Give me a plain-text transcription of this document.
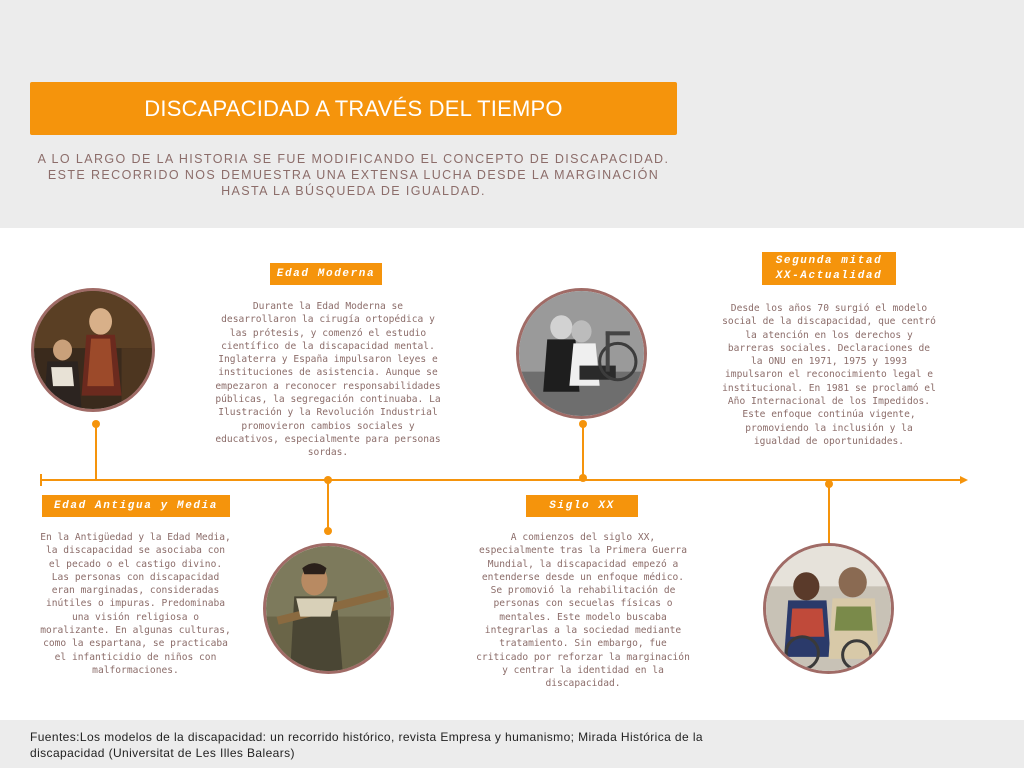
DISCAPACIDAD A TRAVÉS DEL TIEMPO
A LO LARGO DE LA HISTORIA SE FUE MODIFICANDO EL CONCEPTO DE DISCAPACIDAD. ESTE RECORRIDO NOS DEMUESTRA UNA EXTENSA LUCHA DESDE LA MARGINACIÓN HASTA LA BÚSQUEDA DE IGUALDAD.
Edad Antigua y Media
En la Antigüedad y la Edad Media, la discapacidad se asociaba con el pecado o el castigo divino. Las personas con discapacidad eran marginadas, consideradas inútiles o impuras. Predominaba una visión religiosa o moralizante. En algunas culturas, como la espartana, se practicaba el infanticidio de niños con malformaciones.
Edad Moderna
Durante la Edad Moderna se desarrollaron la cirugía ortopédica y las prótesis, y comenzó el estudio científico de la discapacidad mental. Inglaterra y España impulsaron leyes e instituciones de asistencia. Aunque se empezaron a reconocer responsabilidades públicas, la segregación continuaba. La Ilustración y la Revolución Industrial promovieron cambios sociales y educativos, especialmente para personas sordas.
Siglo XX
A comienzos del siglo XX, especialmente tras la Primera Guerra Mundial, la discapacidad empezó a entenderse desde un enfoque médico. Se promovió la rehabilitación de personas con secuelas físicas o mentales. Este modelo buscaba integrarlas a la sociedad mediante tratamiento. Sin embargo, fue criticado por reforzar la marginación y centrar la identidad en la discapacidad.
Segunda mitad
XX-Actualidad
Desde los años 70 surgió el modelo social de la discapacidad, que centró la atención en los derechos y barreras sociales. Declaraciones de la ONU en 1971, 1975 y 1993 impulsaron el reconocimiento legal e institucional. En 1981 se proclamó el Año Internacional de los Impedidos. Este enfoque continúa vigente, promoviendo la inclusión y la igualdad de oportunidades.
Fuentes:Los modelos de la discapacidad: un recorrido histórico, revista Empresa y humanismo; Mirada Histórica de la discapacidad (Universitat de Les Illes Balears)
